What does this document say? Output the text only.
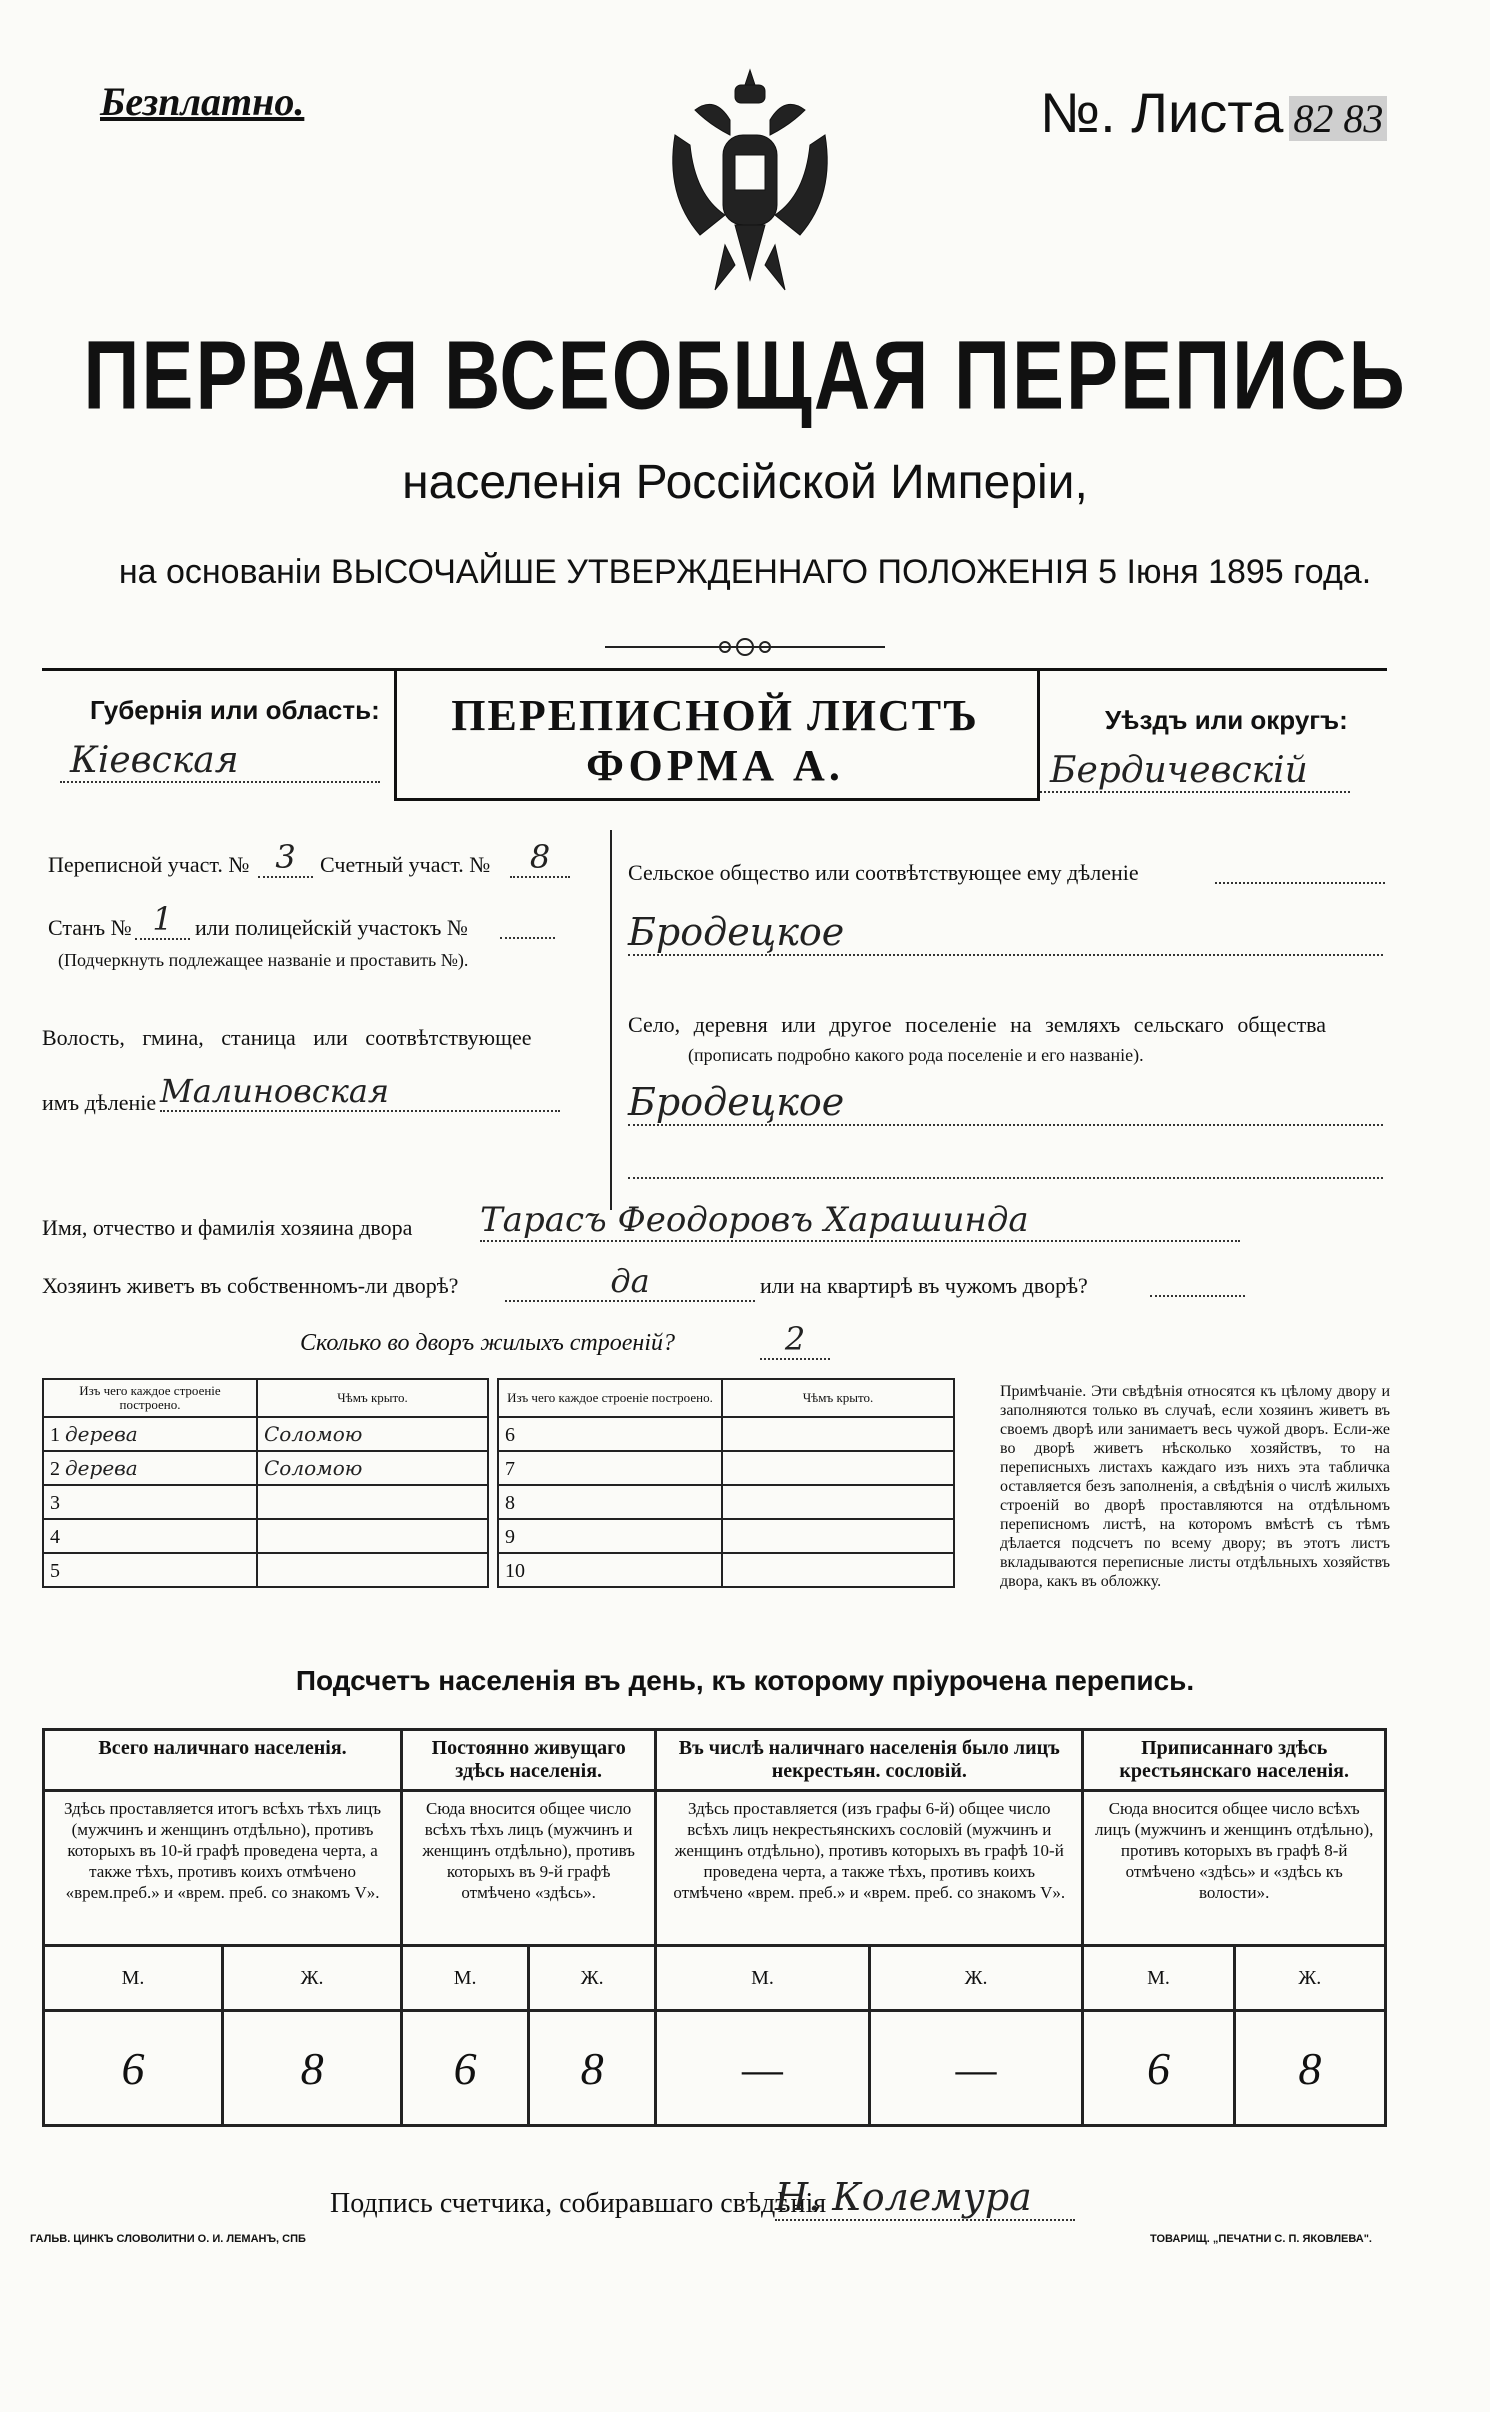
Безплатно.	№. Листа 82 83
ПЕРВАЯ ВСЕОБЩАЯ ПЕРЕПИСЬ
населенія Россійской Имперіи,
на основаніи ВЫСОЧАЙШЕ УТВЕРЖДЕННАГО ПОЛОЖЕНІЯ 5 Іюня 1895 года.
Губернія или область:
Кіевская
ПЕРЕПИСНОЙ ЛИСТЪ
ФОРМА А.
Уѣздъ или округъ:
Бердичевскій
Переписной участ. № 3	Счетный участ. №	8
Станъ № 1	или полицейскій участокъ №
(Подчеркнуть подлежащее названіе и проставить №).
Волость, гмина, станица или соотвѣтствующее
имъ дѣленіе Малиновская
Сельское общество или соотвѣтствующее ему дѣленіе
Бродецкое
Село, деревня или другое поселеніе на земляхъ сельскаго общества
(прописать подробно какого рода поселеніе и его названіе).
Бродецкое
Имя, отчество и фамилія хозяина двора Тарасъ Феодоровъ Харашинда
Хозяинъ живетъ въ собственномъ-ли дворѣ?	да	или на квартирѣ въ чужомъ дворѣ?
Сколько во дворъ жилыхъ строеній?	2
Изъ чего каждое строеніе построено.	Чѣмъ крыто.
1 дерева	Соломою
2 дерева	Соломою
3	
4	
5	
Изъ чего каждое строеніе построено.	Чѣмъ крыто.
6	
7	
8	
9	
10	
Примѣчаніе. Эти свѣдѣнія относятся къ цѣлому двору и заполняются только въ случаѣ, если хозяинъ живетъ въ своемъ дворѣ или занимаетъ весь чужой дворъ. Если-же во дворѣ живетъ нѣсколько хозяйствъ, то на переписныхъ листахъ каждаго изъ нихъ эта табличка оставляется безъ заполненія, а свѣдѣнія о числѣ жилыхъ строеній во дворѣ проставляются на отдѣльномъ переписномъ листѣ, на которомъ вмѣстѣ съ тѣмъ дѣлается подсчетъ по всему двору; въ этотъ листъ вкладываются переписные листы отдѣльныхъ хозяйствъ двора, какъ въ обложку.
Подсчетъ населенія въ день, къ которому пріурочена перепись.
Всего наличнаго населенія.		Постоянно живущаго здѣсь населенія.		Въ числѣ наличнаго населенія было лицъ некрестьян. сословій.		Приписаннаго здѣсь крестьянскаго населенія.	
Здѣсь проставляется итогъ всѣхъ тѣхъ лицъ (мужчинъ и женщинъ отдѣльно), противъ которыхъ въ 10-й графѣ проведена черта, а также тѣхъ, противъ коихъ отмѣчено «врем.преб.» и «врем. преб. со знакомъ V».		Сюда вносится общее число всѣхъ тѣхъ лицъ (мужчинъ и женщинъ отдѣльно), противъ которыхъ въ 9-й графѣ отмѣчено «здѣсь».		Здѣсь проставляется (изъ графы 6-й) общее число всѣхъ лицъ некрестьянскихъ сословій (мужчинъ и женщинъ отдѣльно), противъ которыхъ въ графѣ 10-й проведена черта, а также тѣхъ, противъ коихъ отмѣчено «врем. преб.» и «врем. преб. со знакомъ V».		Сюда вносится общее число всѣхъ лицъ (мужчинъ и женщинъ отдѣльно), противъ которыхъ въ графѣ 8-й отмѣчено «здѣсь» и «здѣсь къ волости».	
М.	Ж.	М.	Ж.	М.	Ж.	М.	Ж.
6	8	6	8	—	—	6	8
Подпись счетчика, собиравшаго свѣдѣнія
Н. Колемура
ГАЛЬВ. ЦИНКЪ СЛОВОЛИТНИ О. И. ЛЕМАНЪ, СПБ	ТОВАРИЩ. „ПЕЧАТНИ С. П. ЯКОВЛЕВА".
